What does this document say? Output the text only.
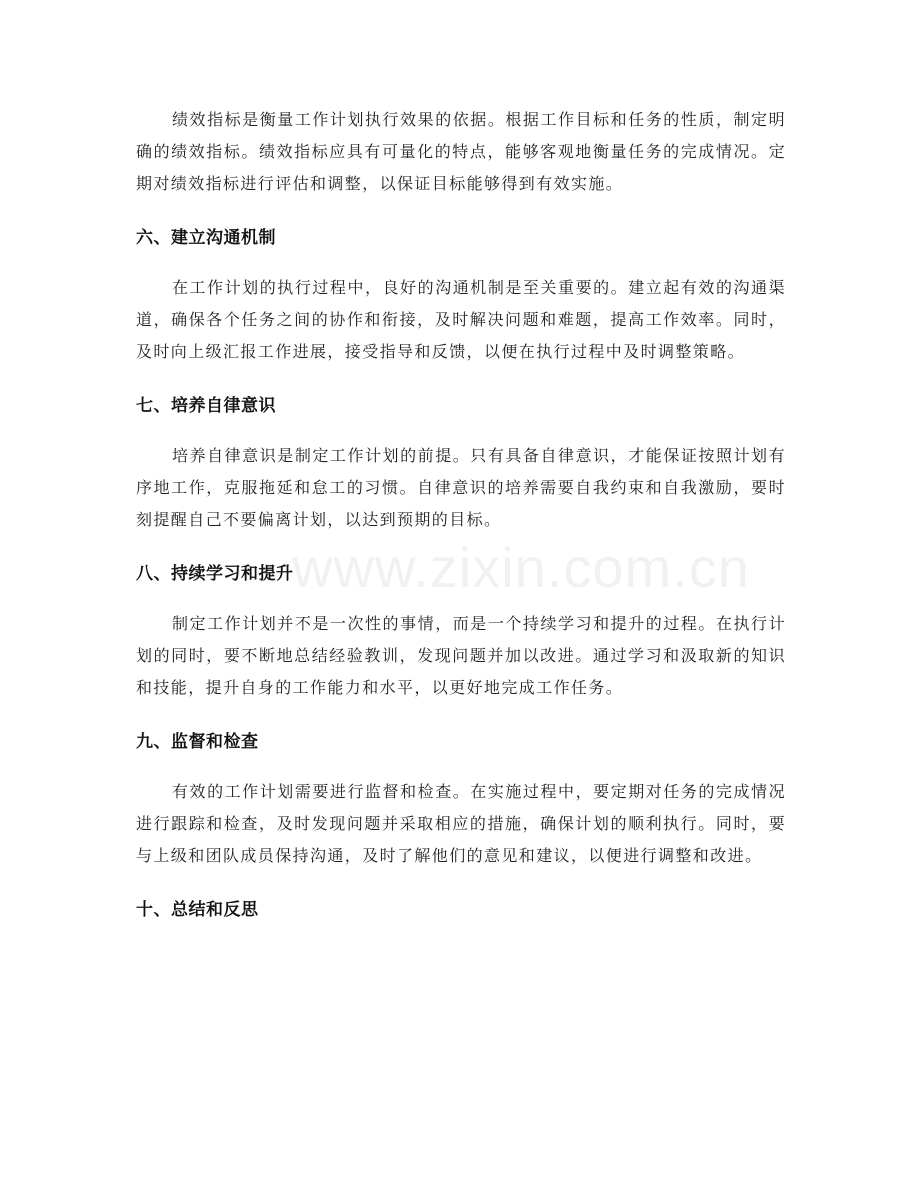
绩效指标是衡量工作计划执行效果的依据。根据工作目标和任务的性质，制定明确的绩效指标。绩效指标应具有可量化的特点，能够客观地衡量任务的完成情况。定期对绩效指标进行评估和调整，以保证目标能够得到有效实施。

六、建立沟通机制

在工作计划的执行过程中，良好的沟通机制是至关重要的。建立起有效的沟通渠道，确保各个任务之间的协作和衔接，及时解决问题和难题，提高工作效率。同时，及时向上级汇报工作进展，接受指导和反馈，以便在执行过程中及时调整策略。

七、培养自律意识

培养自律意识是制定工作计划的前提。只有具备自律意识，才能保证按照计划有序地工作，克服拖延和怠工的习惯。自律意识的培养需要自我约束和自我激励，要时刻提醒自己不要偏离计划，以达到预期的目标。

八、持续学习和提升

制定工作计划并不是一次性的事情，而是一个持续学习和提升的过程。在执行计划的同时，要不断地总结经验教训，发现问题并加以改进。通过学习和汲取新的知识和技能，提升自身的工作能力和水平，以更好地完成工作任务。

九、监督和检查

有效的工作计划需要进行监督和检查。在实施过程中，要定期对任务的完成情况进行跟踪和检查，及时发现问题并采取相应的措施，确保计划的顺利执行。同时，要与上级和团队成员保持沟通，及时了解他们的意见和建议，以便进行调整和改进。

十、总结和反思
www.zixin.com.cn
